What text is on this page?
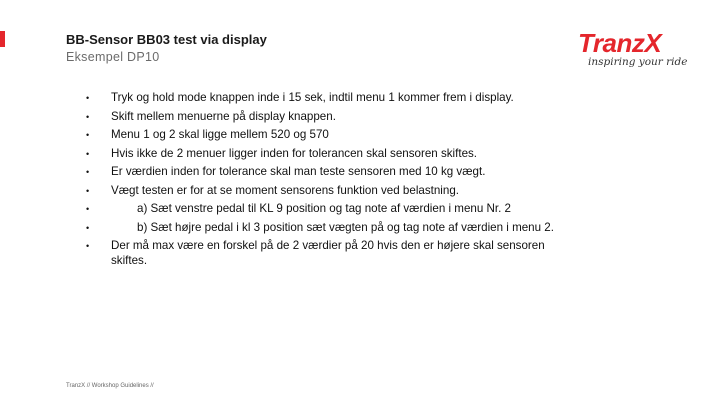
BB-Sensor BB03 test via display
Eksempel DP10	TranzX
inspiring your ride
• Tryk og hold mode knappen inde i 15 sek, indtil menu 1 kommer frem i display.
• Skift mellem menuerne på display knappen.
• Menu 1 og 2 skal ligge mellem 520 og 570
• Hvis ikke de 2 menuer ligger inden for tolerancen skal sensoren skiftes.
• Er værdien inden for tolerance skal man teste sensoren med 10 kg vægt.
• Vægt testen er for at se moment sensorens funktion ved belastning.
•	a) Sæt venstre pedal til KL 9 position og tag note af værdien i menu Nr. 2
•	b) Sæt højre pedal i kl 3 position sæt vægten på og tag note af værdien i menu 2.
• Der må max være en forskel på de 2 værdier på 20 hvis den er højere skal sensoren skiftes.
TranzX // Workshop Guidelines //
